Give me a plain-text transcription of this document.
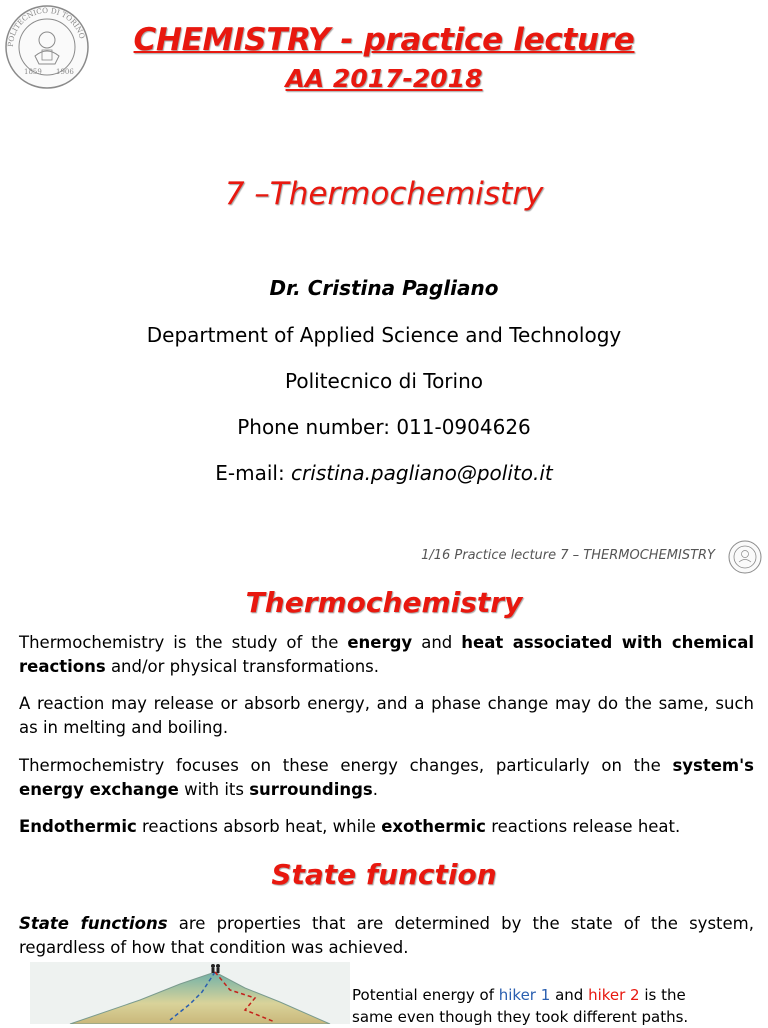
POLITECNICO DI TORINO
1859 1906
CHEMISTRY - practice lecture
AA 2017-2018
7 –Thermochemistry
Dr. Cristina Pagliano
Department of Applied Science and Technology
Politecnico di Torino
Phone number: 011-0904626
E-mail: cristina.pagliano@polito.it
1/16 Practice lecture 7 – THERMOCHEMISTRY
Thermochemistry
Thermochemistry is the study of the energy and heat associated with chemical reactions and/or physical transformations.
A reaction may release or absorb energy, and a phase change may do the same, such as in melting and boiling.
Thermochemistry focuses on these energy changes, particularly on the system's energy exchange with its surroundings.
Endothermic reactions absorb heat, while exothermic reactions release heat.
State function
State functions are properties that are determined by the state of the system, regardless of how that condition was achieved.
Potential energy of hiker 1 and hiker 2 is the same even though they took different paths.
